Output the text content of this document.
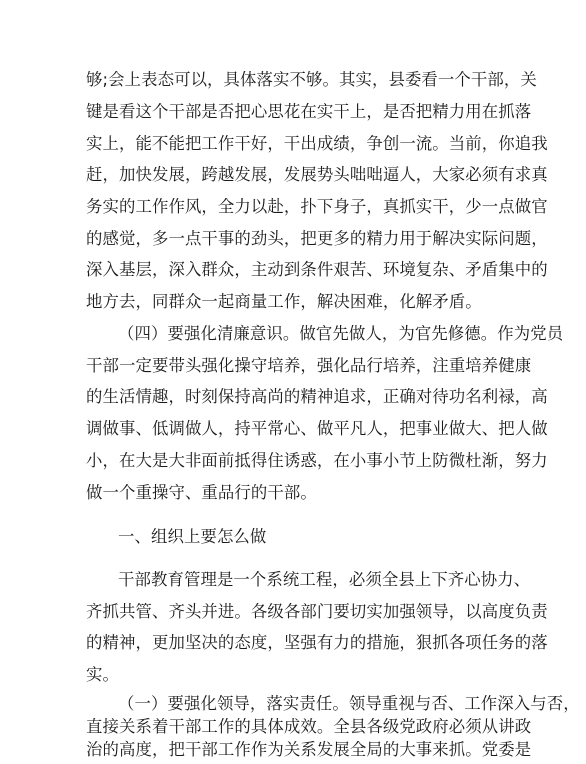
够;会上表态可以，具体落实不够。其实，县委看一个干部，关
键是看这个干部是否把心思花在实干上，是否把精力用在抓落
实上，能不能把工作干好，干出成绩，争创一流。当前，你追我
赶，加快发展，跨越发展，发展势头咄咄逼人，大家必须有求真
务实的工作作风，全力以赴，扑下身子，真抓实干，少一点做官
的感觉，多一点干事的劲头，把更多的精力用于解决实际问题，
深入基层，深入群众，主动到条件艰苦、环境复杂、矛盾集中的
地方去，同群众一起商量工作，解决困难，化解矛盾。
（四）要强化清廉意识。做官先做人，为官先修德。作为党员
干部一定要带头强化操守培养，强化品行培养，注重培养健康
的生活情趣，时刻保持高尚的精神追求，正确对待功名利禄，高
调做事、低调做人，持平常心、做平凡人，把事业做大、把人做
小，在大是大非面前抵得住诱惑，在小事小节上防微杜渐，努力
做一个重操守、重品行的干部。
一、组织上要怎么做
干部教育管理是一个系统工程，必须全县上下齐心协力、
齐抓共管、齐头并进。各级各部门要切实加强领导，以高度负责
的精神，更加坚决的态度，坚强有力的措施，狠抓各项任务的落
实。
（一）要强化领导，落实责任。领导重视与否、工作深入与否，
直接关系着干部工作的具体成效。全县各级党政府必须从讲政
治的高度，把干部工作作为关系发展全局的大事来抓。党委是
